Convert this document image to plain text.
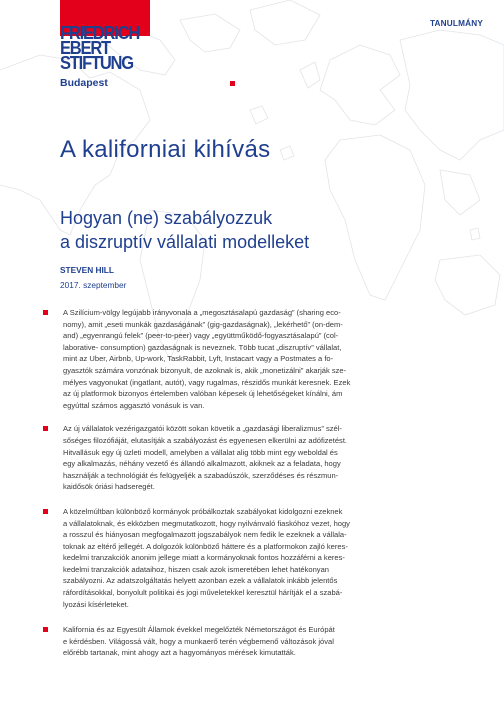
FRIEDRICH
EBERT
STIFTUNG
Budapest
TANULMÁNY
A kaliforniai kihívás
Hogyan (ne) szabályozzuk
a diszruptív vállalati modelleket
STEVEN HILL
2017. szeptember
A Szilícium-völgy legújabb irányvonala a „megosztásalapú gazdaság” (sharing eco-
nomy), amit „eseti munkák gazdaságának” (gig-gazdaságnak), „lekérhető” (on-dem-
and) „egyenrangú felek” (peer-to-peer) vagy „együttműködő-fogyasztásalapú” (col-
laborative- consumption) gazdaságnak is neveznek. Több tucat „diszruptív” vállalat,
mint az Uber, Airbnb, Up-work, TaskRabbit, Lyft, Instacart vagy a Postmates a fo-
gyasztók számára vonzónak bizonyult, de azoknak is, akik „monetizálni” akarják sze-
mélyes vagyonukat (ingatlant, autót), vagy rugalmas, részidős munkát keresnek. Ezek
az új platformok bizonyos értelemben valóban képesek új lehetőségeket kínálni, ám
egyúttal számos aggasztó vonásuk is van.
Az új vállalatok vezérigazgatói között sokan követik a „gazdasági liberalizmus” szél-
sőséges filozófiáját, elutasítják a szabályozást és egyenesen elkerülni az adófizetést.
Hitvallásuk egy új üzleti modell, amelyben a vállalat alig több mint egy weboldal és
egy alkalmazás, néhány vezető és állandó alkalmazott, akiknek az a feladata, hogy
használják a technológiát és felügyeljék a szabadúszók, szerződéses és részmun-
kaidősök óriási hadseregét.
A közelmúltban különböző kormányok próbálkoztak szabályokat kidolgozni ezeknek
a vállalatoknak, és ekközben megmutatkozott, hogy nyilvánvaló fiaskóhoz vezet, hogy
a rosszul és hiányosan megfogalmazott jogszabályok nem fedik le ezeknek a vállala-
toknak az eltérő jellegét. A dolgozók különböző háttere és a platformokon zajló keres-
kedelmi tranzakciók anonim jellege miatt a kormányoknak fontos hozzáférni a keres-
kedelmi tranzakciók adataihoz, hiszen csak azok ismeretében lehet hatékonyan
szabályozni. Az adatszolgáltatás helyett azonban ezek a vállalatok inkább jelentős
ráfordításokkal, bonyolult politikai és jogi műveletekkel keresztül hárítják el a szabá-
lyozási kísérleteket.
Kalifornia és az Egyesült Államok évekkel megelőzték Németországot és Európát
e kérdésben. Világossá vált, hogy a munkaerő terén végbemenő változások jóval
előrébb tartanak, mint ahogy azt a hagyományos mérések kimutatták.
